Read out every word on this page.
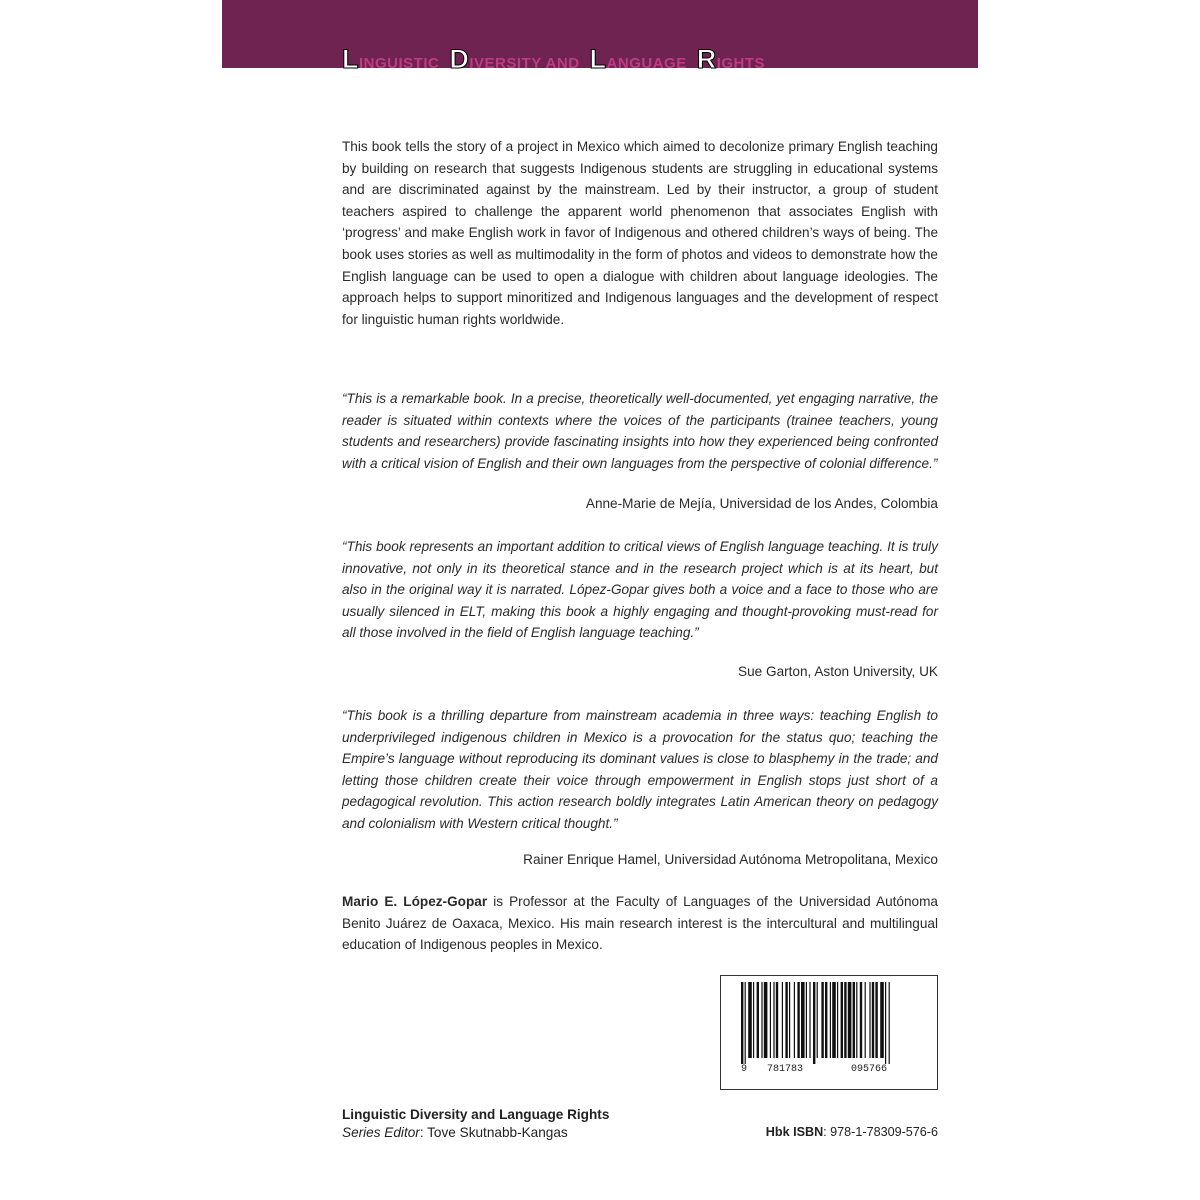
LINGUISTIC DIVERSITY AND LANGUAGE RIGHTS

This book tells the story of a project in Mexico which aimed to decolonize primary English teaching by building on research that suggests Indigenous students are struggling in educational systems and are discriminated against by the mainstream. Led by their instructor, a group of student teachers aspired to challenge the apparent world phenomenon that associates English with ‘progress’ and make English work in favor of Indigenous and othered children’s ways of being. The book uses stories as well as multimodality in the form of photos and videos to demonstrate how the English language can be used to open a dialogue with children about language ideologies. The approach helps to support minoritized and Indigenous languages and the development of respect for linguistic human rights worldwide.

“This is a remarkable book. In a precise, theoretically well-documented, yet engaging narrative, the reader is situated within contexts where the voices of the participants (trainee teachers, young students and researchers) provide fascinating insights into how they experienced being confronted with a critical vision of English and their own languages from the perspective of colonial difference.”

Anne-Marie de Mejía, Universidad de los Andes, Colombia

“This book represents an important addition to critical views of English language teaching. It is truly innovative, not only in its theoretical stance and in the research project which is at its heart, but also in the original way it is narrated. López-Gopar gives both a voice and a face to those who are usually silenced in ELT, making this book a highly engaging and thought-provoking must-read for all those involved in the field of English language teaching.”

Sue Garton, Aston University, UK

“This book is a thrilling departure from mainstream academia in three ways: teaching English to underprivileged indigenous children in Mexico is a provocation for the status quo; teaching the Empire’s language without reproducing its dominant values is close to blasphemy in the trade; and letting those children create their voice through empowerment in English stops just short of a pedagogical revolution. This action research boldly integrates Latin American theory on pedagogy and colonialism with Western critical thought.”

Rainer Enrique Hamel, Universidad Autónoma Metropolitana, Mexico

Mario E. López-Gopar is Professor at the Faculty of Languages of the Universidad Autónoma Benito Juárez de Oaxaca, Mexico. His main research interest is the intercultural and multilingual education of Indigenous peoples in Mexico.

9 781783	095766
Linguistic Diversity and Language Rights
Series Editor: Tove Skutnabb-Kangas	Hbk ISBN: 978-1-78309-576-6
